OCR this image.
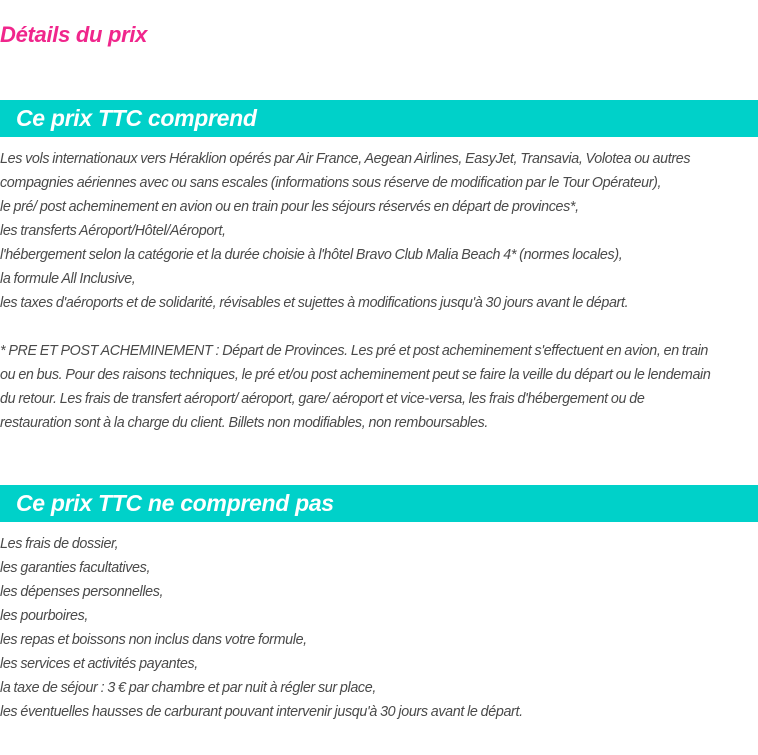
Détails du prix
Ce prix TTC comprend
Les vols internationaux vers Héraklion opérés par Air France, Aegean Airlines, EasyJet, Transavia, Volotea ou autres
compagnies aériennes avec ou sans escales (informations sous réserve de modification par le Tour Opérateur),
le pré/ post acheminement en avion ou en train pour les séjours réservés en départ de provinces*,
les transferts Aéroport/Hôtel/Aéroport,
l'hébergement selon la catégorie et la durée choisie à l'hôtel Bravo Club Malia Beach 4* (normes locales),
la formule All Inclusive,
les taxes d'aéroports et de solidarité, révisables et sujettes à modifications jusqu'à 30 jours avant le départ.
* PRE ET POST ACHEMINEMENT : Départ de Provinces. Les pré et post acheminement s'effectuent en avion, en train
ou en bus. Pour des raisons techniques, le pré et/ou post acheminement peut se faire la veille du départ ou le lendemain
du retour. Les frais de transfert aéroport/ aéroport, gare/ aéroport et vice-versa, les frais d'hébergement ou de
restauration sont à la charge du client. Billets non modifiables, non remboursables.
Ce prix TTC ne comprend pas
Les frais de dossier,
les garanties facultatives,
les dépenses personnelles,
les pourboires,
les repas et boissons non inclus dans votre formule,
les services et activités payantes,
la taxe de séjour : 3 € par chambre et par nuit à régler sur place,
les éventuelles hausses de carburant pouvant intervenir jusqu'à 30 jours avant le départ.
